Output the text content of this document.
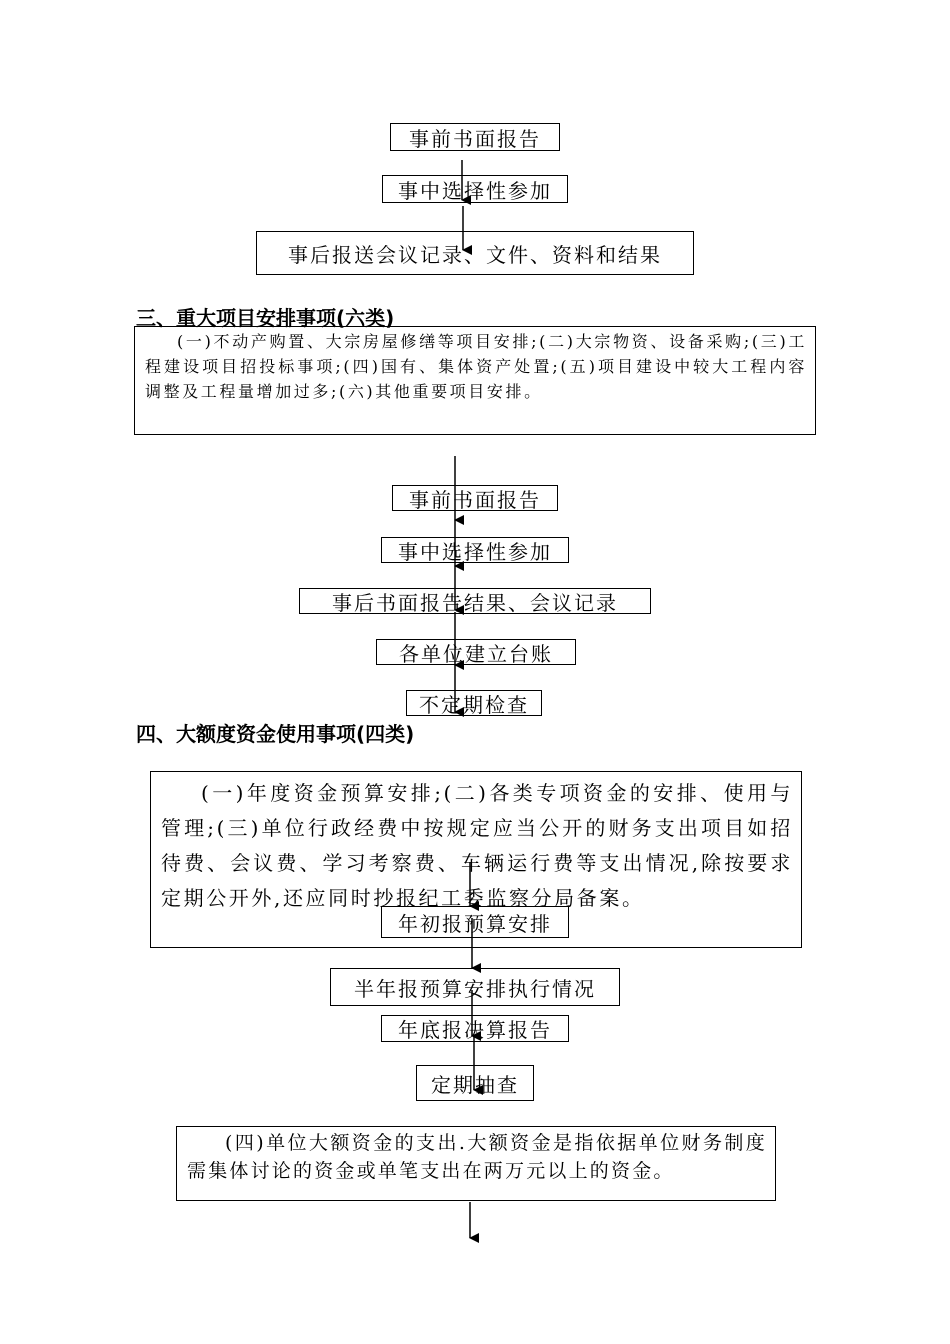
事前书面报告
事中选择性参加
事后报送会议记录、文件、资料和结果
三、重大项目安排事项(六类)
(一)不动产购置、大宗房屋修缮等项目安排;(二)大宗物资、设备采购;(三)工程建设项目招投标事项;(四)国有、集体资产处置;(五)项目建设中较大工程内容调整及工程量增加过多;(六)其他重要项目安排。
事前书面报告
事中选择性参加
事后书面报告结果、会议记录
各单位建立台账
不定期检查
四、大额度资金使用事项(四类)
(一)年度资金预算安排;(二)各类专项资金的安排、使用与管理;(三)单位行政经费中按规定应当公开的财务支出项目如招待费、会议费、学习考察费、车辆运行费等支出情况,除按要求定期公开外,还应同时抄报纪工委监察分局备案。
年初报预算安排
半年报预算安排执行情况
年底报决算报告
定期抽查
(四)单位大额资金的支出.大额资金是指依据单位财务制度需集体讨论的资金或单笔支出在两万元以上的资金。
